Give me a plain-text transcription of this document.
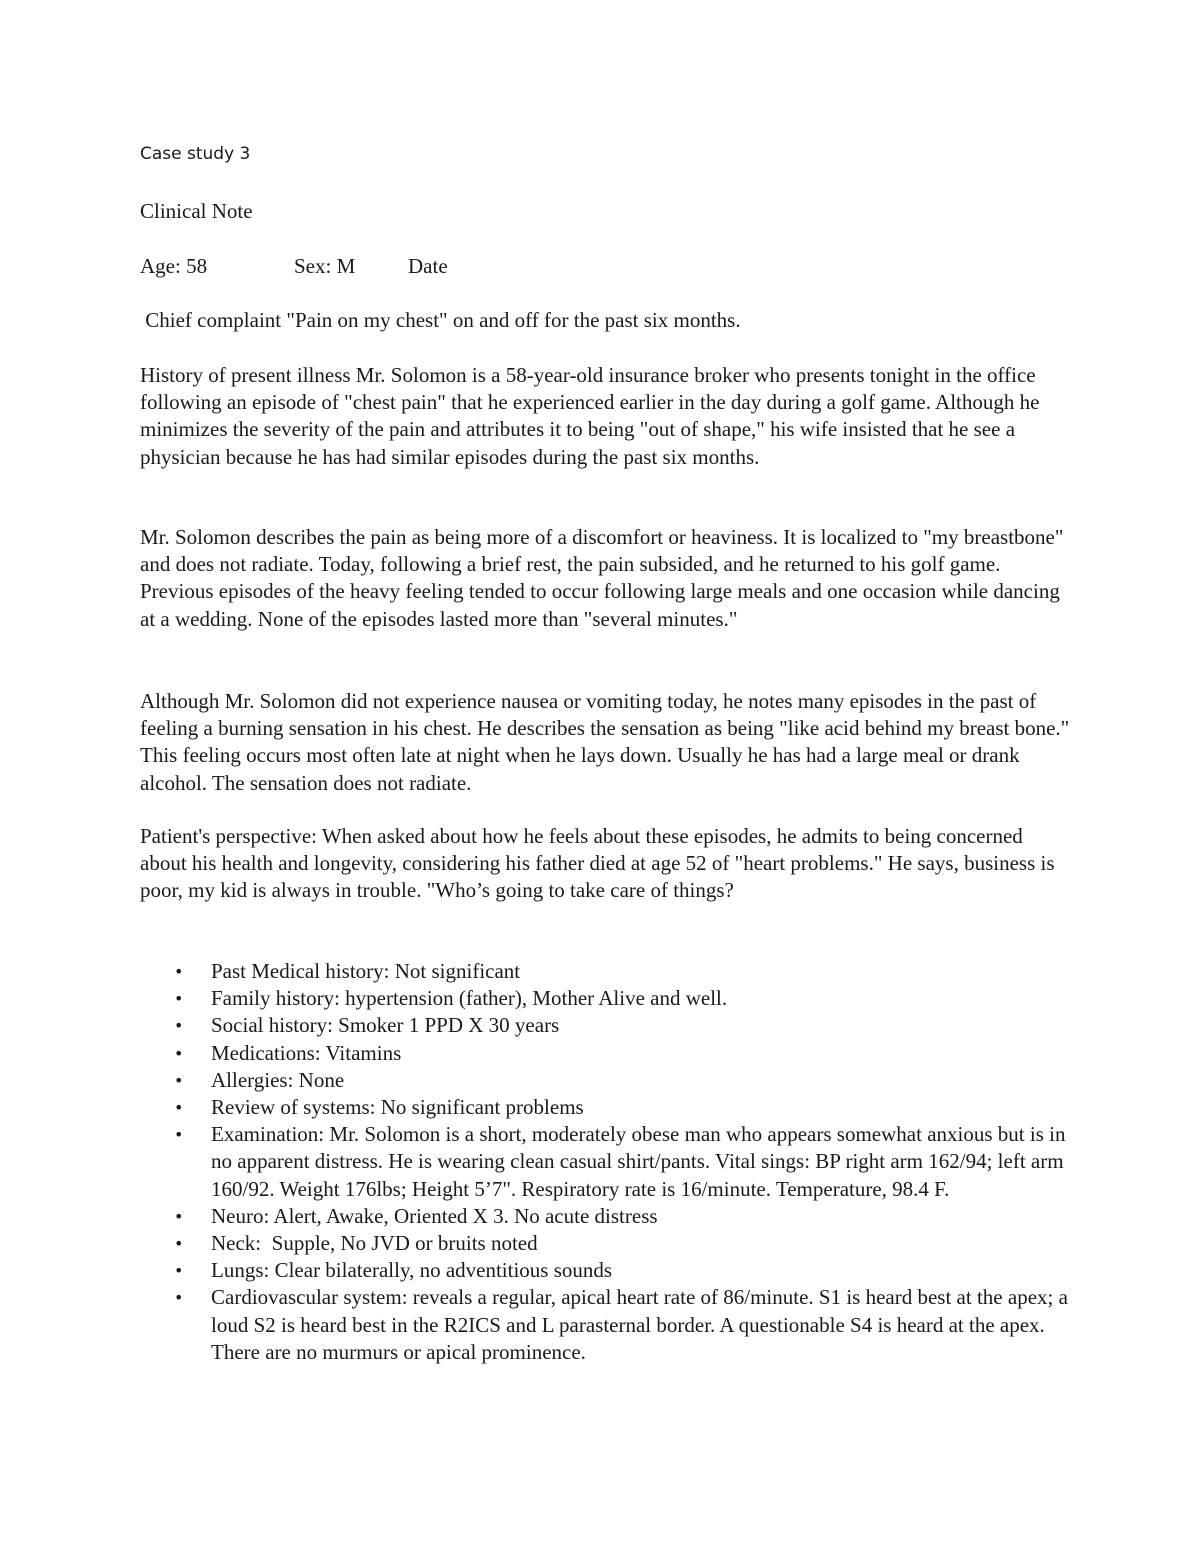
Case study 3
Clinical Note
Age: 58	Sex: M	Date

Chief complaint "Pain on my chest" on and off for the past six months.

History of present illness Mr. Solomon is a 58-year-old insurance broker who presents tonight in the office following an episode of "chest pain" that he experienced earlier in the day during a golf game. Although he minimizes the severity of the pain and attributes it to being "out of shape," his wife insisted that he see a physician because he has had similar episodes during the past six months.

Mr. Solomon describes the pain as being more of a discomfort or heaviness. It is localized to "my breastbone" and does not radiate. Today, following a brief rest, the pain subsided, and he returned to his golf game. Previous episodes of the heavy feeling tended to occur following large meals and one occasion while dancing at a wedding. None of the episodes lasted more than "several minutes."

Although Mr. Solomon did not experience nausea or vomiting today, he notes many episodes in the past of feeling a burning sensation in his chest. He describes the sensation as being "like acid behind my breast bone." This feeling occurs most often late at night when he lays down. Usually he has had a large meal or drank alcohol. The sensation does not radiate.

Patient's perspective: When asked about how he feels about these episodes, he admits to being concerned about his health and longevity, considering his father died at age 52 of "heart problems." He says, business is poor, my kid is always in trouble. "Who’s going to take care of things?

• Past Medical history: Not significant
• Family history: hypertension (father), Mother Alive and well.
• Social history: Smoker 1 PPD X 30 years
• Medications: Vitamins
• Allergies: None
• Review of systems: No significant problems
• Examination: Mr. Solomon is a short, moderately obese man who appears somewhat anxious but is in no apparent distress. He is wearing clean casual shirt/pants. Vital sings: BP right arm 162/94; left arm 160/92. Weight 176lbs; Height 5’7". Respiratory rate is 16/minute. Temperature, 98.4 F.
• Neuro: Alert, Awake, Oriented X 3. No acute distress
• Neck:  Supple, No JVD or bruits noted
• Lungs: Clear bilaterally, no adventitious sounds
• Cardiovascular system: reveals a regular, apical heart rate of 86/minute. S1 is heard best at the apex; a loud S2 is heard best in the R2ICS and L parasternal border. A questionable S4 is heard at the apex. There are no murmurs or apical prominence.
